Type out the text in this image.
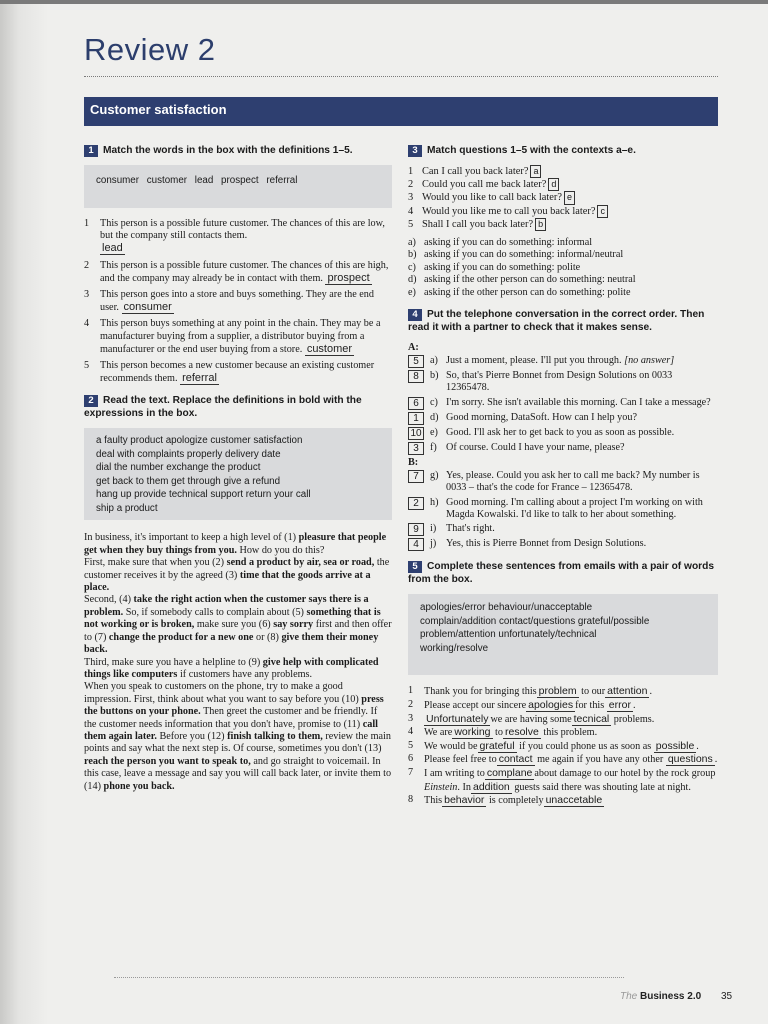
Review 2
Customer satisfaction
1 Match the words in the box with the definitions 1–5.
consumer customer lead prospect referral
1	This person is a possible future customer. The chances of this are low, but the company still contacts them.
lead
2	This person is a possible future customer. The chances of this are high, and the company may already be in contact with them. prospect
3	This person goes into a store and buys something. They are the end user. consumer
4	This person buys something at any point in the chain. They may be a manufacturer buying from a supplier, a distributor buying from a manufacturer or the end user buying from a store. customer
5	This person becomes a new customer because an existing customer recommends them. referral
2 Read the text. Replace the definitions in bold with the expressions in the box.
a faulty product apologize customer satisfaction
deal with complaints properly delivery date
dial the number exchange the product
get back to them get through give a refund
hang up provide technical support return your call
ship a product

In business, it's important to keep a high level of (1) pleasure that people get when they buy things from you. How do you do this?
First, make sure that when you (2) send a product by air, sea or road, the customer receives it by the agreed (3) time that the goods arrive at a place.
Second, (4) take the right action when the customer says there is a problem. So, if somebody calls to complain about (5) something that is not working or is broken, make sure you (6) say sorry first and then offer to (7) change the product for a new one or (8) give them their money back.
Third, make sure you have a helpline to (9) give help with complicated things like computers if customers have any problems.
When you speak to customers on the phone, try to make a good impression. First, think about what you want to say before you (10) press the buttons on your phone. Then greet the customer and be friendly. If the customer needs information that you don't have, promise to (11) call them again later. Before you (12) finish talking to them, review the main points and say what the next step is. Of course, sometimes you don't (13) reach the person you want to speak to, and go straight to voicemail. In this case, leave a message and say you will call back later, or invite them to (14) phone you back.

3 Match questions 1–5 with the contexts a–e.
1 Can I call you back later? a
2 Could you call me back later? d
3 Would you like to call back later? e
4 Would you like me to call you back later? c
5 Shall I call you back later? b
a) asking if you can do something: informal
b) asking if you can do something: informal/neutral
c) asking if you can do something: polite
d) asking if the other person can do something: neutral
e) asking if the other person can do something: polite
4 Put the telephone conversation in the correct order. Then read it with a partner to check that it makes sense.
A:
5	a) Just a moment, please. I'll put you through. [no answer]
8	b) So, that's Pierre Bonnet from Design Solutions on 0033 12365478.
6	c) I'm sorry. She isn't available this morning. Can I take a message?
1	d) Good morning, DataSoft. How can I help you?
10 e) Good. I'll ask her to get back to you as soon as possible.
3	f) Of course. Could I have your name, please?
B:
7	g) Yes, please. Could you ask her to call me back? My number is 0033 – that's the code for France – 12365478.
2	h) Good morning. I'm calling about a project I'm working on with Magda Kowalski. I'd like to talk to her about something.
9	i) That's right.
4	j) Yes, this is Pierre Bonnet from Design Solutions.
5 Complete these sentences from emails with a pair of words from the box.
apologies/error behaviour/unacceptable
complain/addition contact/questions grateful/possible
problem/attention unfortunately/technical
working/resolve
1	Thank you for bringing this problem to our attention .
2	Please accept our sincere apologies for this error .
3	Unfortunately we are having some tecnical problems.
4	We are working to resolve this problem.
5	We would be grateful if you could phone us as soon as possible .
6	Please feel free to contact me again if you have any other questions .
7	I am writing to complane about damage to our hotel by the rock group Einstein. In addition guests said there was shouting late at night.
8	This behavior is completely unaccetable
The Business 2.0 35
